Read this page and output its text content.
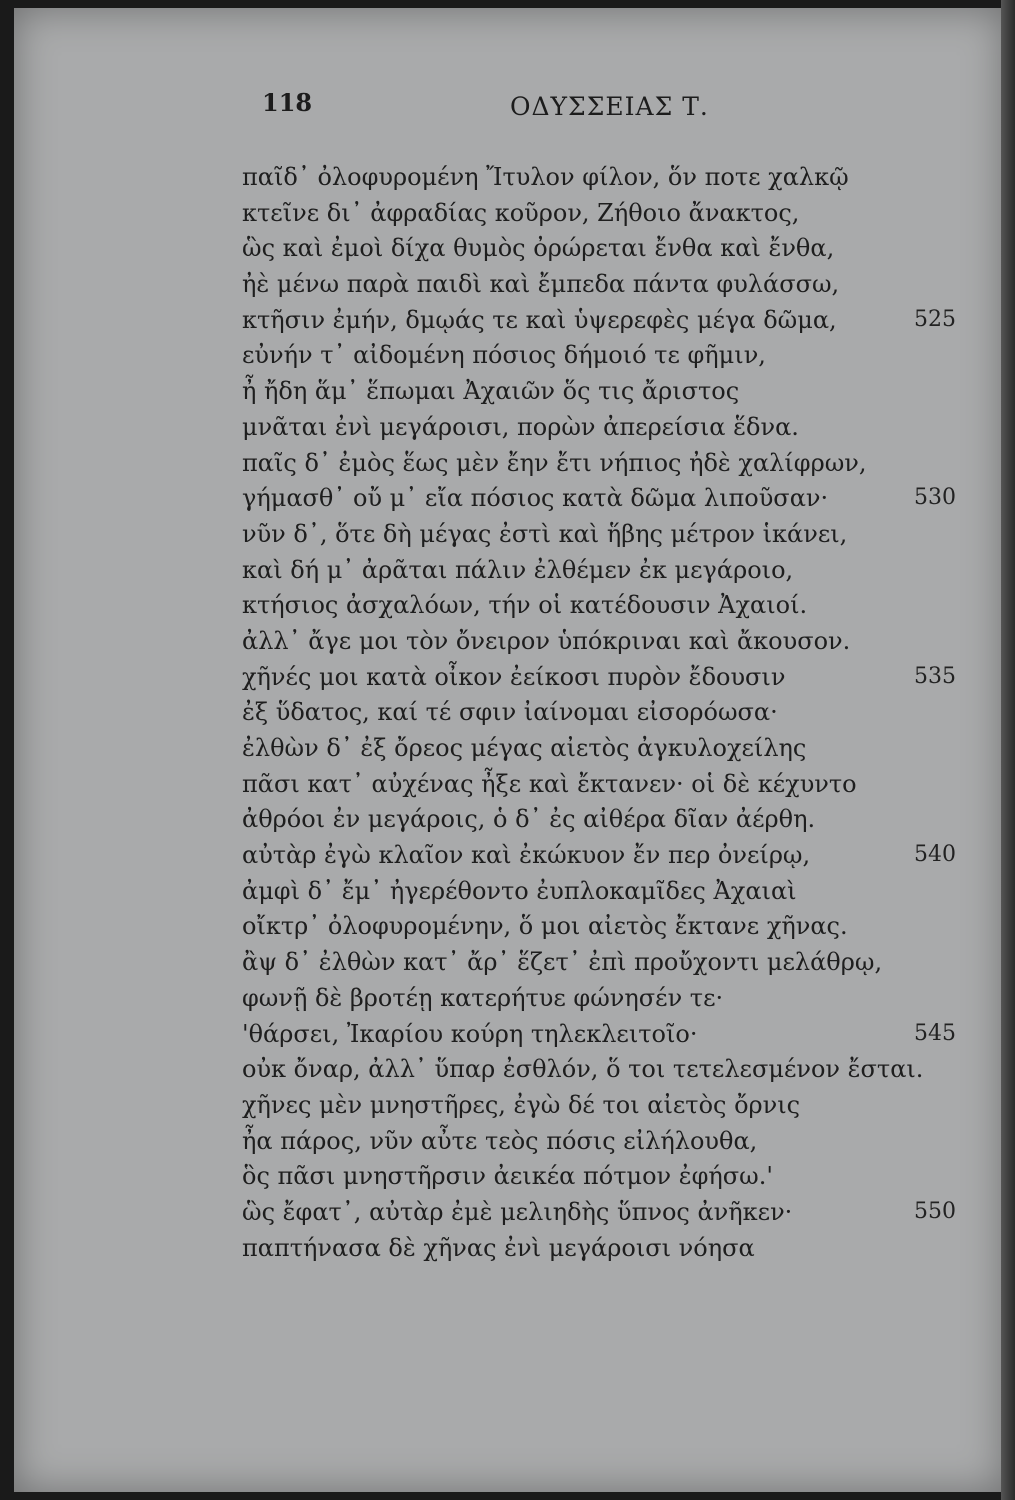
118	ΟΔΥΣΣΕΙΑΣ Τ.
παῖδ᾿ ὀλοφυρομένη Ἴτυλον φίλον, ὅν ποτε χαλκῷ
κτεῖνε δι᾿ ἀφραδίας κοῦρον, Ζήθοιο ἄνακτος,
ὣς καὶ ἐμοὶ δίχα θυμὸς ὀρώρεται ἔνθα καὶ ἔνθα,
ἠὲ μένω παρὰ παιδὶ καὶ ἔμπεδα πάντα φυλάσσω,
κτῆσιν ἐμήν, δμῳάς τε καὶ ὑψερεφὲς μέγα δῶμα,
εὐνήν τ᾿ αἰδομένη πόσιος δήμοιό τε φῆμιν,
ἦ ἤδη ἅμ᾿ ἕπωμαι Ἀχαιῶν ὅς τις ἄριστος
μνᾶται ἐνὶ μεγάροισι, πορὼν ἀπερείσια ἕδνα.
παῖς δ᾿ ἐμὸς ἕως μὲν ἔην ἔτι νήπιος ἠδὲ χαλίφρων,
γήμασθ᾿ οὔ μ᾿ εἴα πόσιος κατὰ δῶμα λιποῦσαν·
νῦν δ᾿, ὅτε δὴ μέγας ἐστὶ καὶ ἥβης μέτρον ἱκάνει,
καὶ δή μ᾿ ἀρᾶται πάλιν ἐλθέμεν ἐκ μεγάροιο,
κτήσιος ἀσχαλόων, τήν οἱ κατέδουσιν Ἀχαιοί.
ἀλλ᾿ ἄγε μοι τὸν ὄνειρον ὑπόκριναι καὶ ἄκουσον.
χῆνές μοι κατὰ οἶκον ἐείκοσι πυρὸν ἔδουσιν
ἐξ ὕδατος, καί τέ σφιν ἰαίνομαι εἰσορόωσα·
ἐλθὼν δ᾿ ἐξ ὄρεος μέγας αἰετὸς ἀγκυλοχείλης
πᾶσι κατ᾿ αὐχένας ἦξε καὶ ἔκτανεν· οἱ δὲ κέχυντο
ἀθρόοι ἐν μεγάροις, ὁ δ᾿ ἐς αἰθέρα δῖαν ἀέρθη.
αὐτὰρ ἐγὼ κλαῖον καὶ ἐκώκυον ἔν περ ὀνείρῳ,
ἀμφὶ δ᾿ ἔμ᾿ ἠγερέθοντο ἐυπλοκαμῖδες Ἀχαιαὶ
οἴκτρ᾿ ὀλοφυρομένην, ὅ μοι αἰετὸς ἔκτανε χῆνας.
ἂψ δ᾿ ἐλθὼν κατ᾿ ἄρ᾿ ἕζετ᾿ ἐπὶ προὔχοντι μελάθρῳ,
φωνῇ δὲ βροτέῃ κατερήτυε φώνησέν τε·
'θάρσει, Ἰκαρίου κούρη τηλεκλειτοῖο·
οὐκ ὄναρ, ἀλλ᾿ ὕπαρ ἐσθλόν, ὅ τοι τετελεσμένον ἔσται.
χῆνες μὲν μνηστῆρες, ἐγὼ δέ τοι αἰετὸς ὄρνις
ἦα πάρος, νῦν αὖτε τεὸς πόσις εἰλήλουθα,
ὃς πᾶσι μνηστῆρσιν ἀεικέα πότμον ἐφήσω.'
ὣς ἔφατ᾿, αὐτὰρ ἐμὲ μελιηδὴς ὕπνος ἀνῆκεν·
παπτήνασα δὲ χῆνας ἐνὶ μεγάροισι νόησα
525
530
535
540
545
550
